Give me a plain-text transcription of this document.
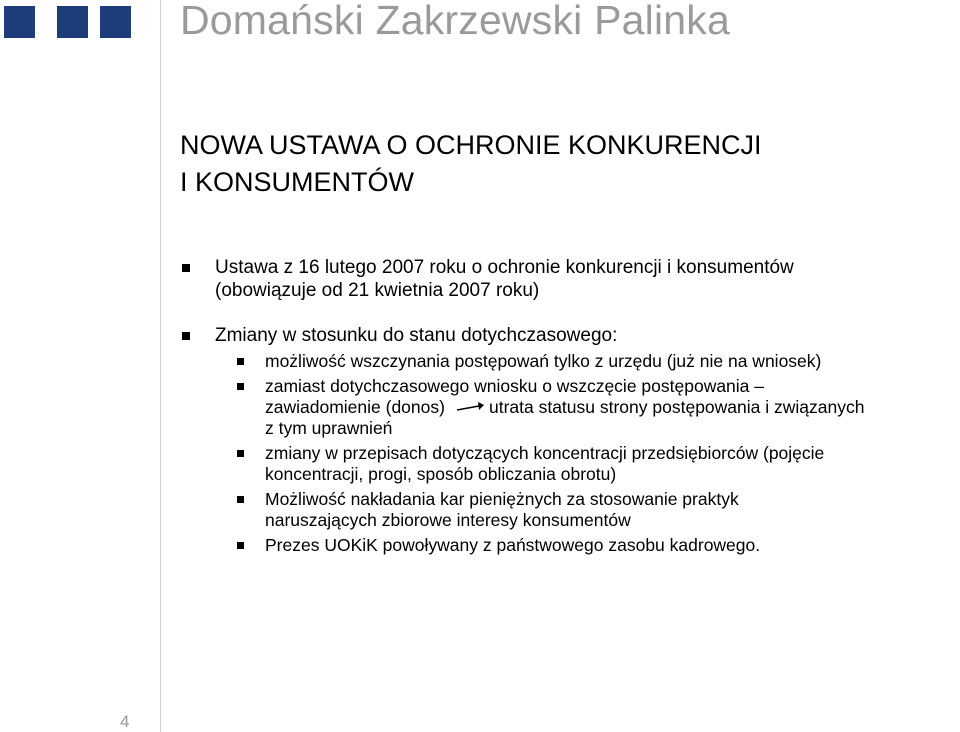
Domański Zakrzewski Palinka
NOWA USTAWA O OCHRONIE KONKURENCJI
I KONSUMENTÓW
Ustawa z 16 lutego 2007 roku o ochronie konkurencji i konsumentów
(obowiązuje od 21 kwietnia 2007 roku)
Zmiany w stosunku do stanu dotychczasowego:
możliwość wszczynania postępowań tylko z urzędu (już nie na wniosek)
zamiast dotychczasowego wniosku o wszczęcie postępowania –
zawiadomienie (donos)	utrata statusu strony postępowania i związanych
z tym uprawnień
zmiany w przepisach dotyczących koncentracji przedsiębiorców (pojęcie
koncentracji, progi, sposób obliczania obrotu)
Możliwość nakładania kar pieniężnych za stosowanie praktyk
naruszających zbiorowe interesy konsumentów
Prezes UOKiK powoływany z państwowego zasobu kadrowego.
4
